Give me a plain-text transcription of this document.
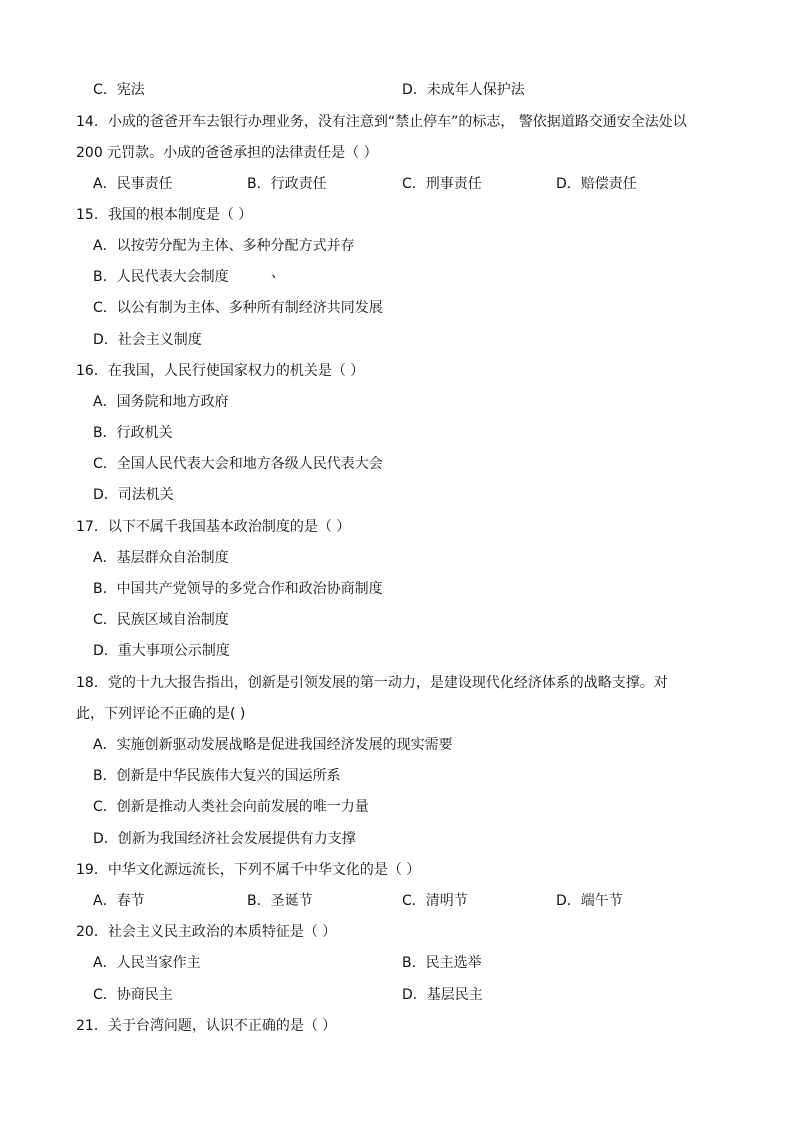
C．宪法	D．未成年人保护法
14．小成的爸爸开车去银行办理业务，没有注意到“禁止停车”的标志， 警依据道路交通安全法处以
200 元罚款。小成的爸爸承担的法律责任是（ ）
A．民事责任	B．行政责任	C．刑事责任	D．赔偿责任
15．我国的根本制度是（ ）
A．以按劳分配为主体、多种分配方式并存
B．人民代表大会制度	、
C．以公有制为主体、多种所有制经济共同发展
D．社会主义制度
16．在我国，人民行使国家权力的机关是（ ）
A．国务院和地方政府
B．行政机关
C．全国人民代表大会和地方各级人民代表大会
D．司法机关
17．以下不属千我国基本政治制度的是（ ）
A．基层群众自治制度
B．中国共产党领导的多党合作和政治协商制度
C．民族区域自治制度
D．重大事项公示制度
18．党的十九大报告指出，创新是引领发展的第一动力，是建设现代化经济体系的战略支撑。对
此，下列评论不正确的是( )
A．实施创新驱动发展战略是促进我国经济发展的现实需要
B．创新是中华民族伟大复兴的国运所系
C．创新是推动人类社会向前发展的唯一力量
D．创新为我国经济社会发展提供有力支撑
19．中华文化源远流长，下列不属千中华文化的是（ ）
A．春节	B．圣诞节	C．清明节	D．端午节
20．社会主义民主政治的本质特征是（ ）
A．人民当家作主	B．民主选举
C．协商民主	D．基层民主
21．关于台湾问题，认识不正确的是（ ）
